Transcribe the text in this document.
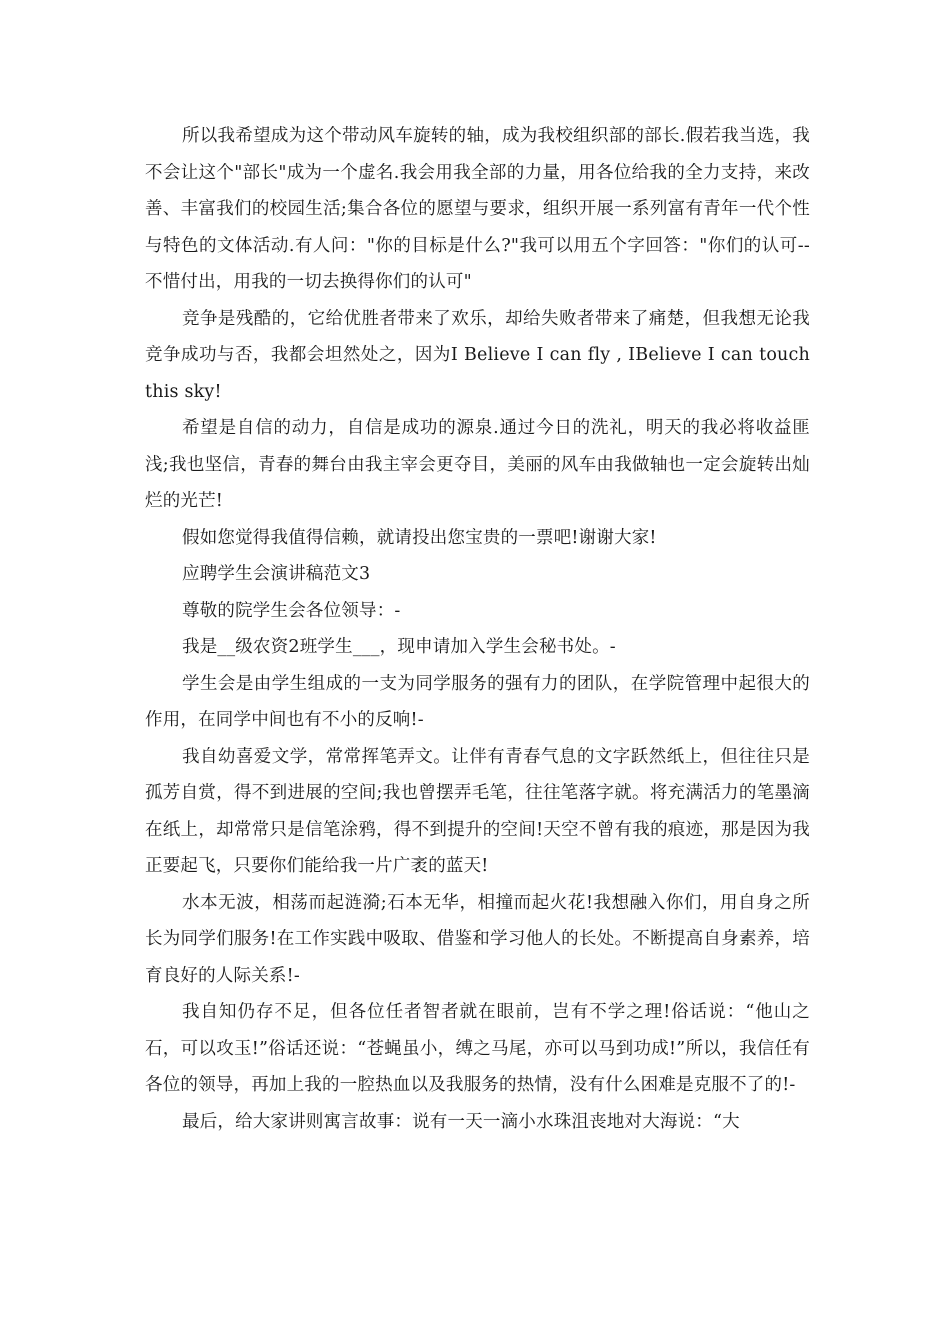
所以我希望成为这个带动风车旋转的轴，成为我校组织部的部长.假若我当选，我不会让这个"部长"成为一个虚名.我会用我全部的力量，用各位给我的全力支持，来改善、丰富我们的校园生活;集合各位的愿望与要求，组织开展一系列富有青年一代个性与特色的文体活动.有人问："你的目标是什么?"我可以用五个字回答："你们的认可--不惜付出，用我的一切去换得你们的认可"

竞争是残酷的，它给优胜者带来了欢乐，却给失败者带来了痛楚，但我想无论我竞争成功与否，我都会坦然处之，因为I Believe I can fly , IBelieve I can touch this sky!

希望是自信的动力，自信是成功的源泉.通过今日的洗礼，明天的我必将收益匪浅;我也坚信，青春的舞台由我主宰会更夺目，美丽的风车由我做轴也一定会旋转出灿烂的光芒!

假如您觉得我值得信赖，就请投出您宝贵的一票吧!谢谢大家!

应聘学生会演讲稿范文3

尊敬的院学生会各位领导：-

我是__级农资2班学生___，现申请加入学生会秘书处。-

学生会是由学生组成的一支为同学服务的强有力的团队，在学院管理中起很大的作用，在同学中间也有不小的反响!-

我自幼喜爱文学，常常挥笔弄文。让伴有青春气息的文字跃然纸上，但往往只是孤芳自赏，得不到进展的空间;我也曾摆弄毛笔，往往笔落字就。将充满活力的笔墨滴在纸上，却常常只是信笔涂鸦，得不到提升的空间!天空不曾有我的痕迹，那是因为我正要起飞，只要你们能给我一片广袤的蓝天!

水本无波，相荡而起涟漪;石本无华，相撞而起火花!我想融入你们，用自身之所长为同学们服务!在工作实践中吸取、借鉴和学习他人的长处。不断提高自身素养，培育良好的人际关系!-

我自知仍存不足，但各位任者智者就在眼前，岂有不学之理!俗话说：“他山之石，可以攻玉!”俗话还说：“苍蝇虽小，缚之马尾，亦可以马到功成!”所以，我信任有各位的领导，再加上我的一腔热血以及我服务的热情，没有什么困难是克服不了的!-

最后，给大家讲则寓言故事：说有一天一滴小水珠沮丧地对大海说：“大
